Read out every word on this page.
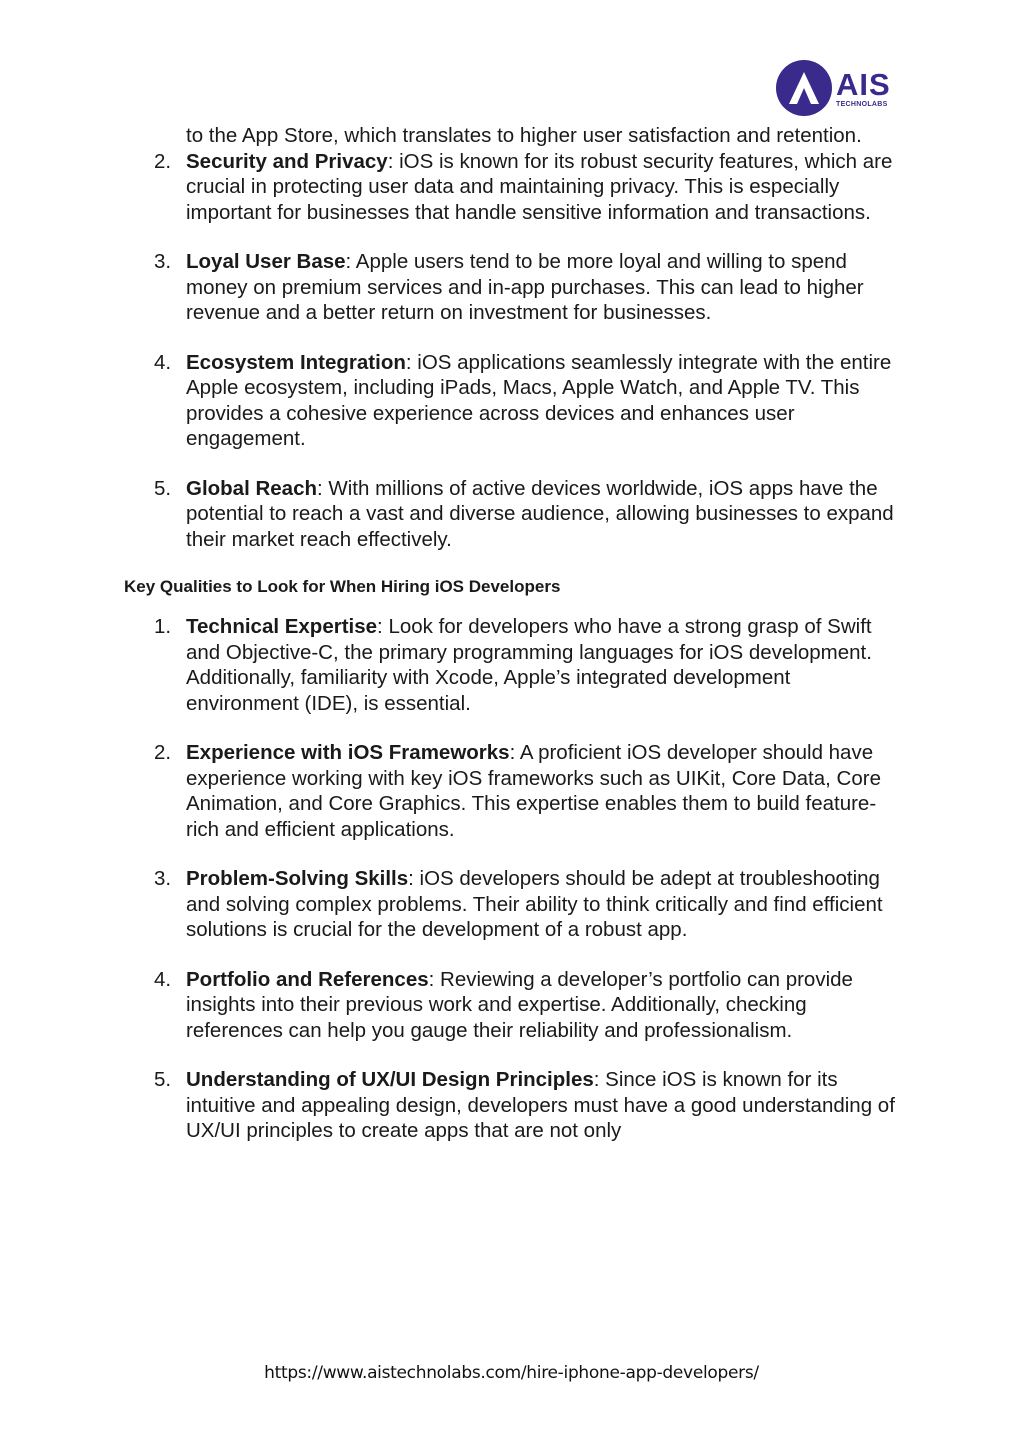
AIS
TECHNOLABS

to the App Store, which translates to higher user satisfaction and retention.

2. Security and Privacy: iOS is known for its robust security features, which are crucial in protecting user data and maintaining privacy. This is especially important for businesses that handle sensitive information and transactions.
3. Loyal User Base: Apple users tend to be more loyal and willing to spend money on premium services and in-app purchases. This can lead to higher revenue and a better return on investment for businesses.
4. Ecosystem Integration: iOS applications seamlessly integrate with the entire Apple ecosystem, including iPads, Macs, Apple Watch, and Apple TV. This provides a cohesive experience across devices and enhances user engagement.
5. Global Reach: With millions of active devices worldwide, iOS apps have the potential to reach a vast and diverse audience, allowing businesses to expand their market reach effectively.
Key Qualities to Look for When Hiring iOS Developers
1. Technical Expertise: Look for developers who have a strong grasp of Swift and Objective-C, the primary programming languages for iOS development. Additionally, familiarity with Xcode, Apple’s integrated development environment (IDE), is essential.
2. Experience with iOS Frameworks: A proficient iOS developer should have experience working with key iOS frameworks such as UIKit, Core Data, Core Animation, and Core Graphics. This expertise enables them to build feature-rich and efficient applications.
3. Problem-Solving Skills: iOS developers should be adept at troubleshooting and solving complex problems. Their ability to think critically and find efficient solutions is crucial for the development of a robust app.
4. Portfolio and References: Reviewing a developer’s portfolio can provide insights into their previous work and expertise. Additionally, checking references can help you gauge their reliability and professionalism.
5. Understanding of UX/UI Design Principles: Since iOS is known for its intuitive and appealing design, developers must have a good understanding of UX/UI principles to create apps that are not only
https://www.aistechnolabs.com/hire-iphone-app-developers/
